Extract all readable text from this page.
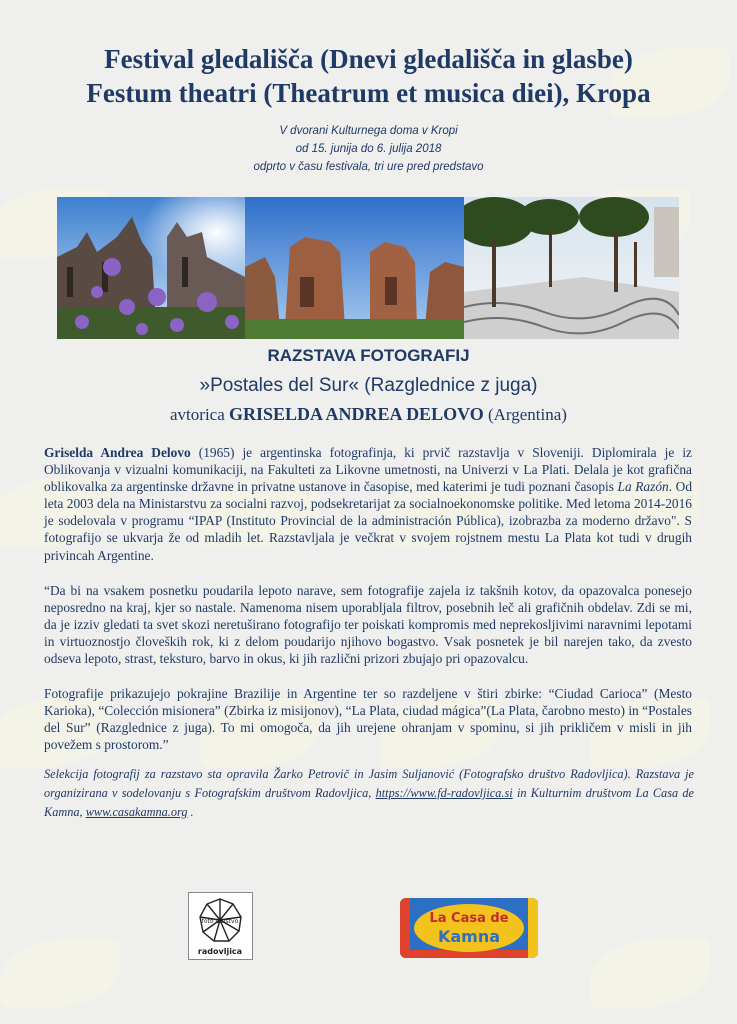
Festival gledališča (Dnevi gledališča in glasbe)
Festum theatri (Theatrum et musica diei), Kropa
V dvorani Kulturnega doma v Kropi
od 15. junija do 6. julija 2018
odprto v času festivala, tri ure pred predstavo
RAZSTAVA FOTOGRAFIJ
»Postales del Sur« (Razglednice z juga)
avtorica GRISELDA ANDREA DELOVO (Argentina)
Griselda Andrea Delovo (1965) je argentinska fotografinja, ki prvič razstavlja v Sloveniji. Diplomirala je iz Oblikovanja v vizualni komunikaciji, na Fakulteti za Likovne umetnosti, na Univerzi v La Plati. Delala je kot grafična oblikovalka za argentinske državne in privatne ustanove in časopise, med katerimi je tudi poznani časopis La Razón. Od leta 2003 dela na Ministarstvu za socialni razvoj, podsekretarijat za socialnoekonomske politike. Med letoma 2014-2016 je sodelovala v programu “IPAP (Instituto Provincial de la administración Pública), izobrazba za moderno državo". S fotografijo se ukvarja že od mladih let. Razstavljala je večkrat v svojem rojstnem mestu La Plata kot tudi v drugih privincah Argentine.
“Da bi na vsakem posnetku poudarila lepoto narave, sem fotografije zajela iz takšnih kotov, da opazovalca ponesejo neposredno na kraj, kjer so nastale. Namenoma nisem uporabljala filtrov, posebnih leč ali grafičnih obdelav. Zdi se mi, da je izziv gledati ta svet skozi neretuširano fotografijo ter poiskati kompromis med neprekosljivimi naravnimi lepotami in virtuoznostjo človeških rok, ki z delom poudarijo njihovo bogastvo. Vsak posnetek je bil narejen tako, da zvesto odseva lepoto, strast, teksturo, barvo in okus, ki jih različni prizori zbujajo pri opazovalcu.
Fotografije prikazujejo pokrajine Brazilije in Argentine ter so razdeljene v štiri zbirke: “Ciudad Carioca” (Mesto Karioka), “Colección misionera” (Zbirka iz misijonov), “La Plata, ciudad mágica”(La Plata, čarobno mesto) in “Postales del Sur” (Razglednice z juga). To mi omogoča, da jih urejene ohranjam v spominu, si jih prikličem v misli in jih povežem s prostorom.”
Selekcija fotografij za razstavo sta opravila Žarko Petrovič in Jasim Suljanović (Fotografsko društvo Radovljica). Razstava je organizirana v sodelovanju s Fotografskim društvom Radovljica, https://www.fd-radovljica.si in Kulturnim društvom La Casa de Kamna, www.casakamna.org .
foto društvo
radovljica
La Casa de
Kamna
